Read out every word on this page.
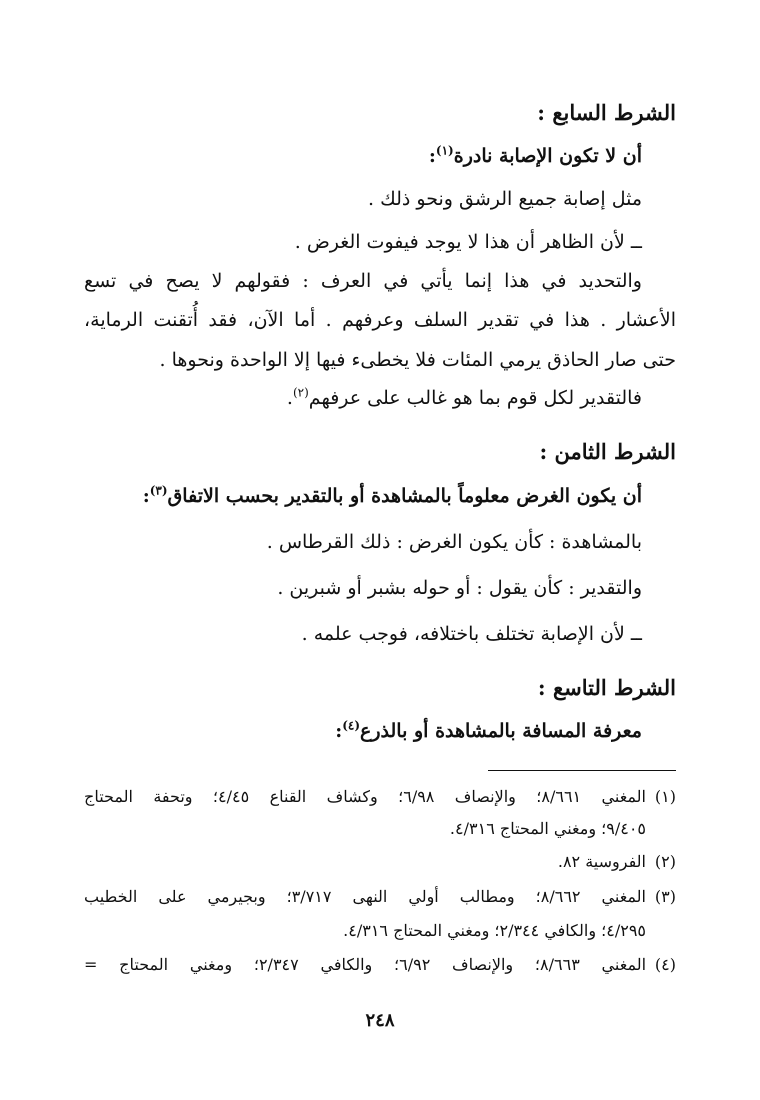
الشرط السابع :
أن لا تكون الإصابة نادرة$^{(١)}$:
مثل إصابة جميع الرشق ونحو ذلك .
ــ لأن الظاهر أن هذا لا يوجد فيفوت الغرض .
والتحديد في هذا إنما يأتي في العرف : فقولهم لا يصح في تسع
الأعشار . هذا في تقدير السلف وعرفهم . أما الآن، فقد أُتقنت الرماية،
حتى صار الحاذق يرمي المئات فلا يخطىء فيها إلا الواحدة ونحوها .
فالتقدير لكل قوم بما هو غالب على عرفهم$^{(٢)}$.
الشرط الثامن :
أن يكون الغرض معلوماً بالمشاهدة أو بالتقدير بحسب الاتفاق$^{(٣)}$:
بالمشاهدة : كأن يكون الغرض : ذلك القرطاس .
والتقدير : كأن يقول : أو حوله بشبر أو شبرين .
ــ لأن الإصابة تختلف باختلافه، فوجب علمه .
الشرط التاسع :
معرفة المسافة بالمشاهدة أو بالذرع$^{(٤)}$:
(١)المغني ٨/٦٦١؛ والإنصاف ٦/٩٨؛ وكشاف القناع ٤/٤٥؛ وتحفة المحتاج
٩/٤٠٥؛ ومغني المحتاج ٤/٣١٦.
(٢)الفروسية ٨٢.
(٣)المغني ٨/٦٦٢؛ ومطالب أولي النهى ٣/٧١٧؛ وبجيرمي على الخطيب
٤/٢٩٥؛ والكافي ٢/٣٤٤؛ ومغني المحتاج ٤/٣١٦.
(٤)المغني ٨/٦٦٣؛ والإنصاف ٦/٩٢؛ والكافي ٢/٣٤٧؛ ومغني المحتاج =
٢٤٨
